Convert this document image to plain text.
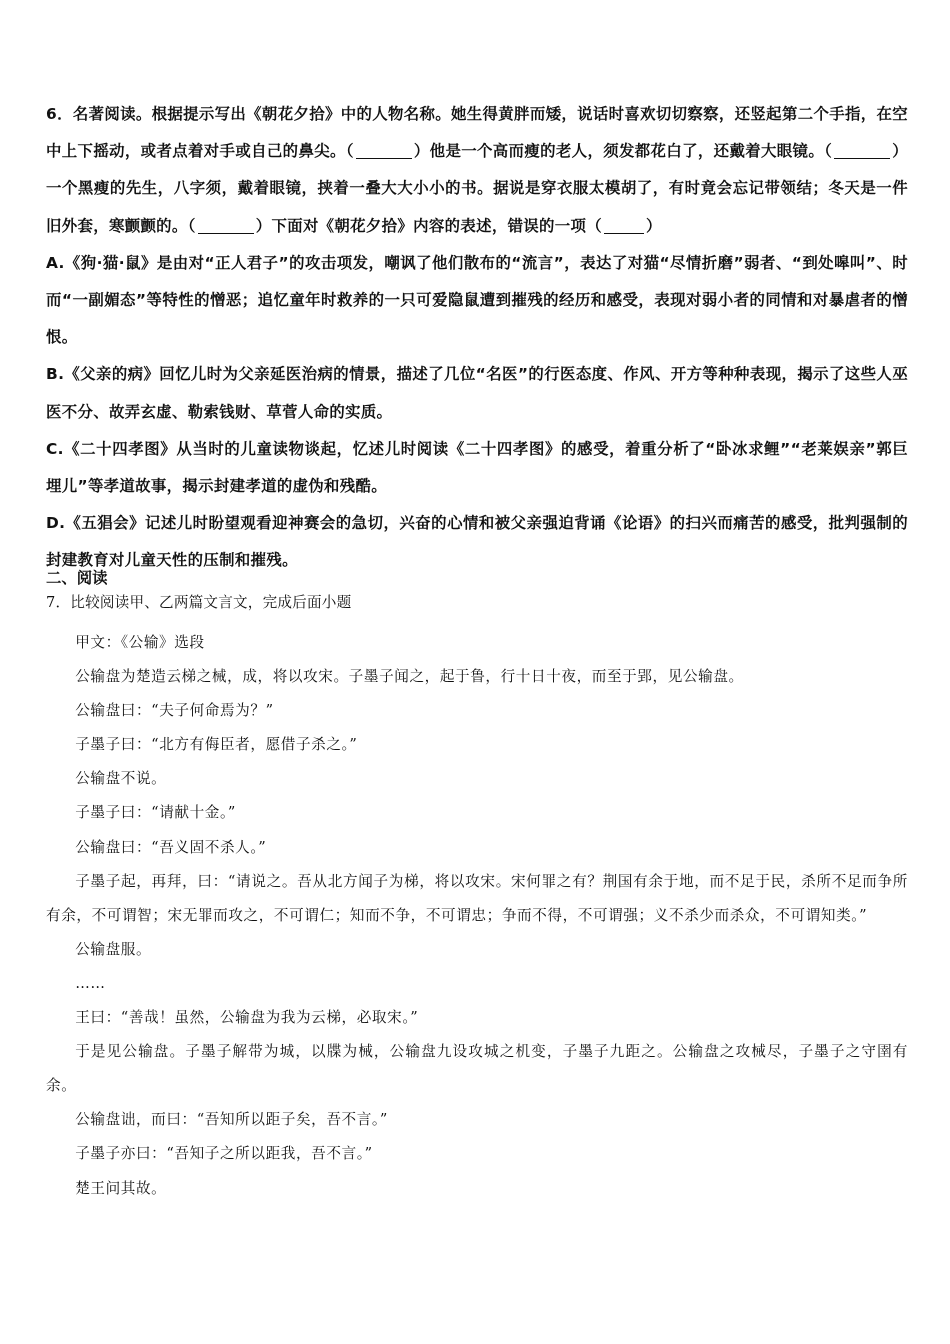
6．名著阅读。根据提示写出《朝花夕拾》中的人物名称。她生得黄胖而矮，说话时喜欢切切察察，还竖起第二个手指，在空中上下摇动，或者点着对手或自己的鼻尖。（	）他是一个高而瘦的老人，须发都花白了，还戴着大眼镜。（	）一个黑瘦的先生，八字须，戴着眼镜，挟着一叠大大小小的书。据说是穿衣服太模胡了，有时竟会忘记带领结；冬天是一件旧外套，寒颤颤的。（	）下面对《朝花夕拾》内容的表述，错误的一项（	）

A.《狗·猫·鼠》是由对“正人君子”的攻击项发，嘲讽了他们散布的“流言”，表达了对猫“尽情折磨”弱者、“到处嗥叫”、时而“一副媚态”等特性的憎恶；追忆童年时救养的一只可爱隐鼠遭到摧残的经历和感受，表现对弱小者的同情和对暴虐者的憎恨。

B.《父亲的病》回忆儿时为父亲延医治病的情景，描述了几位“名医”的行医态度、作风、开方等种种表现，揭示了这些人巫医不分、故弄玄虚、勒索钱财、草菅人命的实质。

C.《二十四孝图》从当时的儿童读物谈起，忆述儿时阅读《二十四孝图》的感受，着重分析了“卧冰求鲤”“老莱娱亲”郭巨埋儿”等孝道故事，揭示封建孝道的虚伪和残酷。

D.《五猖会》记述儿时盼望观看迎神赛会的急切，兴奋的心情和被父亲强迫背诵《论语》的扫兴而痛苦的感受，批判强制的封建教育对儿童天性的压制和摧残。

二、阅读

7．比较阅读甲、乙两篇文言文，完成后面小题

甲文：《公输》选段

公输盘为楚造云梯之械，成，将以攻宋。子墨子闻之，起于鲁，行十日十夜，而至于郢，见公输盘。

公输盘曰：“夫子何命焉为？”

子墨子曰：“北方有侮臣者，愿借子杀之。”

公输盘不说。

子墨子曰：“请献十金。”

公输盘曰：“吾义固不杀人。”

子墨子起，再拜，曰：“请说之。吾从北方闻子为梯，将以攻宋。宋何罪之有？荆国有余于地，而不足于民，杀所不足而争所有余，不可谓智；宋无罪而攻之，不可谓仁；知而不争，不可谓忠；争而不得，不可谓强；义不杀少而杀众，不可谓知类。”

公输盘服。

……

王曰：“善哉！虽然，公输盘为我为云梯，必取宋。”

于是见公输盘。子墨子解带为城，以牒为械，公输盘九设攻城之机变，子墨子九距之。公输盘之攻械尽，子墨子之守圉有余。

公输盘诎，而曰：“吾知所以距子矣，吾不言。”

子墨子亦曰：“吾知子之所以距我，吾不言。”

楚王问其故。
